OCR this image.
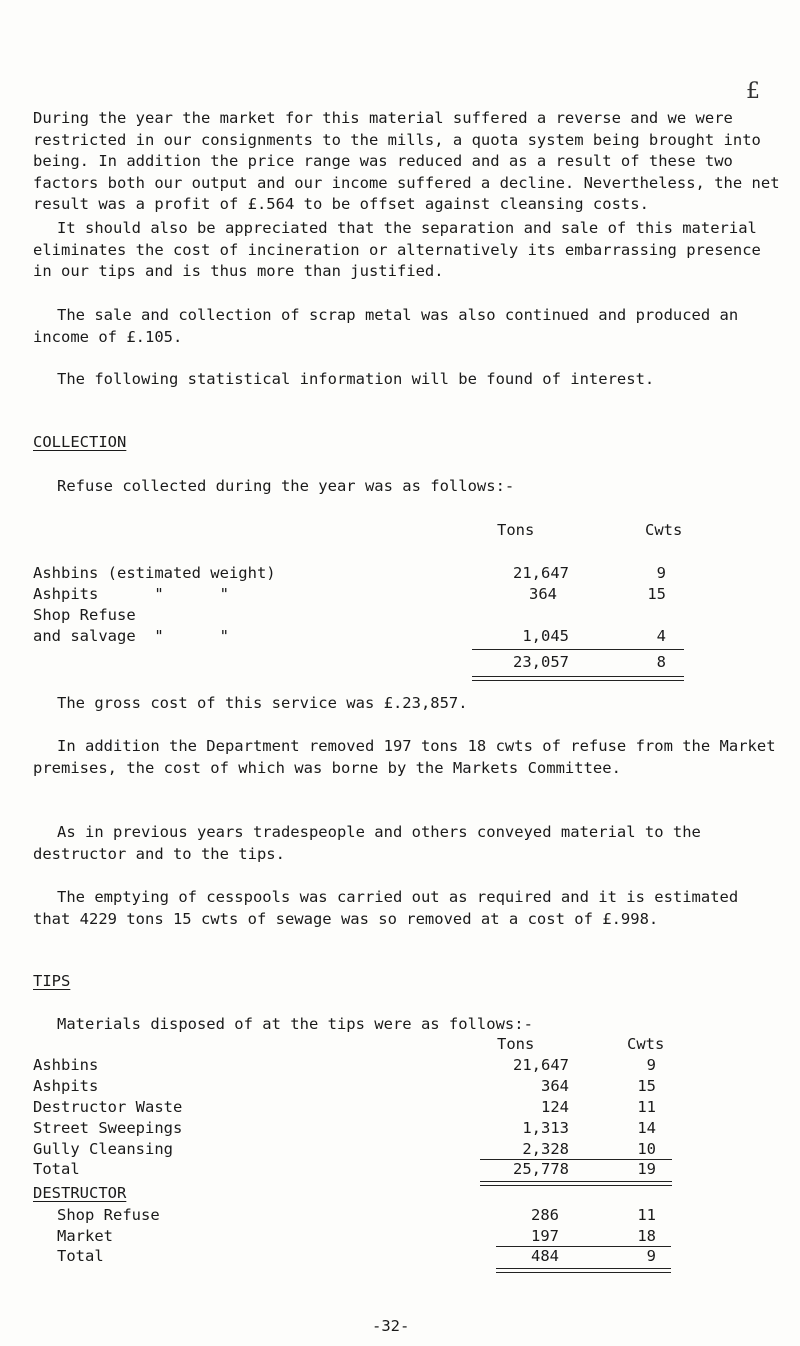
£
During the year the market for this material suffered a reverse and we were restricted in our consignments to the mills, a quota system being brought into being. In addition the price range was reduced and as a result of these two factors both our output and our income suffered a decline. Nevertheless, the net result was a profit of £.564 to be offset against cleansing costs.
It should also be appreciated that the separation and sale of this material eliminates the cost of incineration or alternatively its embarrassing presence in our tips and is thus more than justified.
The sale and collection of scrap metal was also continued and produced an income of £.105.
The following statistical information will be found of interest.
COLLECTION
Refuse collected during the year was as follows:-
Tons	Cwts
Ashbins (estimated weight)	21,647	9
Ashpits      "      "	364	15
Shop Refuse
and salvage  "      "	1,045	4
23,057	8
The gross cost of this service was £.23,857.
In addition the Department removed 197 tons 18 cwts of refuse from the Market premises, the cost of which was borne by the Markets Committee.
As in previous years tradespeople and others conveyed material to the destructor and to the tips.
The emptying of cesspools was carried out as required and it is estimated that 4229 tons 15 cwts of sewage was so removed at a cost of £.998.
TIPS
Materials disposed of at the tips were as follows:-
Tons	Cwts
Ashbins	21,647	9
Ashpits	364	15
Destructor Waste	124	11
Street Sweepings	1,313	14
Gully Cleansing	2,328	10
Total	25,778	19
DESTRUCTOR
Shop Refuse	286	11
Market	197	18
Total	484	9
-32-
